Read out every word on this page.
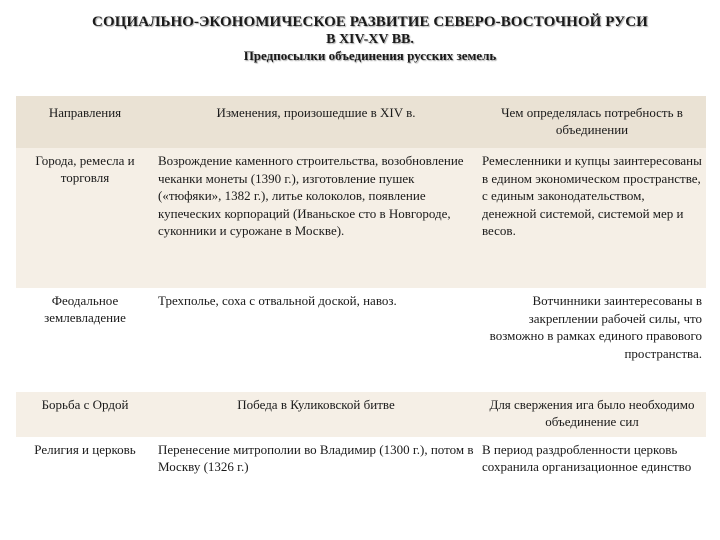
СОЦИАЛЬНО-ЭКОНОМИЧЕСКОЕ РАЗВИТИЕ СЕВЕРО-ВОСТОЧНОЙ РУСИ
В XIV-XV ВВ.
Предпосылки объединения русских земель
Направления	Изменения, произошедшие в XIV в.	Чем определялась потребность в объединении
Города, ремесла и торговля	Возрождение каменного строительства, возобновление чеканки монеты (1390 г.), изготовление пушек («тюфяки», 1382 г.), литье колоколов, появление купеческих корпораций (Иваньское сто в Новгороде, суконники и сурожане в Москве).	Ремесленники и купцы заинтересованы в едином экономическом пространстве, с единым законодательством, денежной системой, системой мер и весов.
Феодальное землевладение	Трехполье, соха с отвальной доской, навоз.	Вотчинники заинтересованы в закреплении рабочей силы, что возможно в рамках единого правового пространства.
Борьба с Ордой	Победа в Куликовской битве	Для свержения ига было необходимо объединение сил
Религия и церковь	Перенесение митрополии во Владимир (1300 г.), потом в Москву (1326 г.)	В период раздробленности церковь сохранила организационное единство
